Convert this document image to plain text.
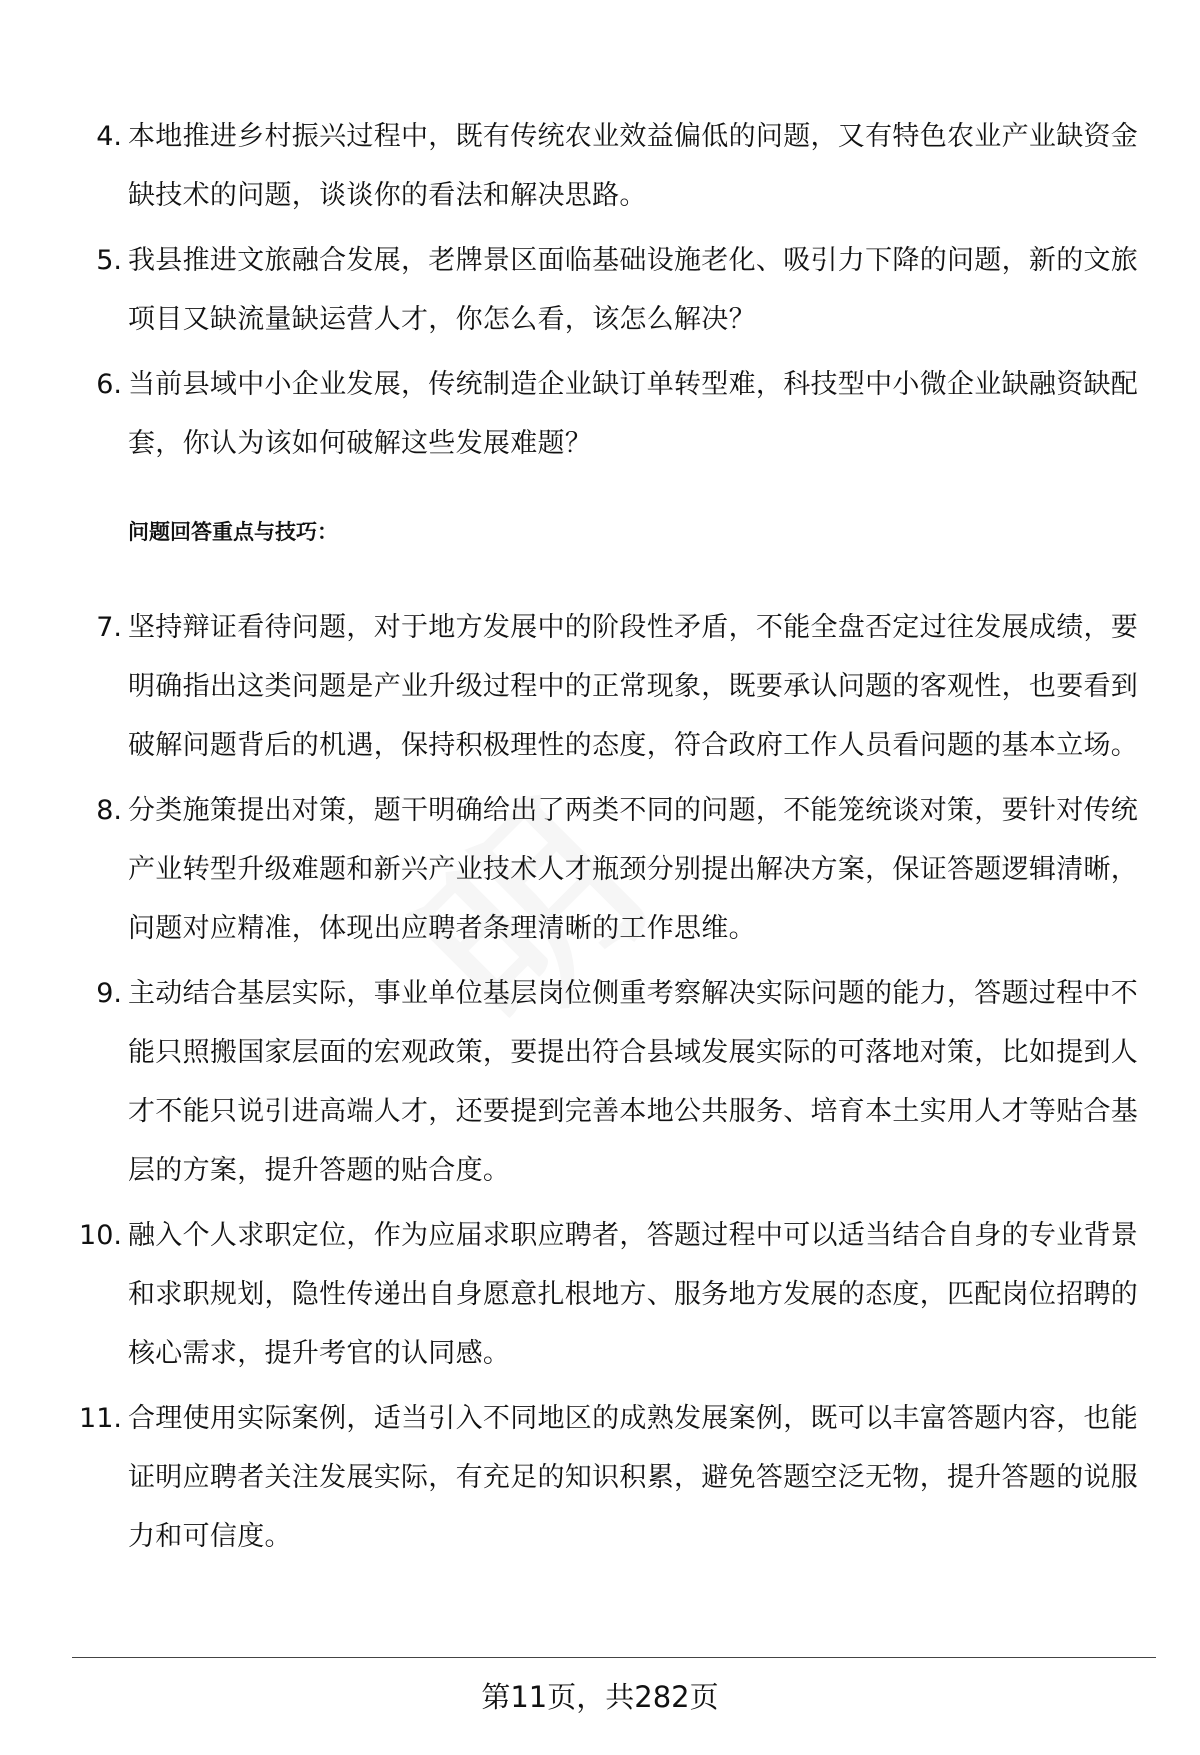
4. 本地推进乡村振兴过程中，既有传统农业效益偏低的问题，又有特色农业产业缺资金缺技术的问题，谈谈你的看法和解决思路。
5. 我县推进文旅融合发展，老牌景区面临基础设施老化、吸引力下降的问题，新的文旅项目又缺流量缺运营人才，你怎么看，该怎么解决？
6. 当前县域中小企业发展，传统制造企业缺订单转型难，科技型中小微企业缺融资缺配套，你认为该如何破解这些发展难题？
问题回答重点与技巧：
7. 坚持辩证看待问题，对于地方发展中的阶段性矛盾，不能全盘否定过往发展成绩，要明确指出这类问题是产业升级过程中的正常现象，既要承认问题的客观性，也要看到破解问题背后的机遇，保持积极理性的态度，符合政府工作人员看问题的基本立场。
8. 分类施策提出对策，题干明确给出了两类不同的问题，不能笼统谈对策，要针对传统产业转型升级难题和新兴产业技术人才瓶颈分别提出解决方案，保证答题逻辑清晰，问题对应精准，体现出应聘者条理清晰的工作思维。
9. 主动结合基层实际，事业单位基层岗位侧重考察解决实际问题的能力，答题过程中不能只照搬国家层面的宏观政策，要提出符合县域发展实际的可落地对策，比如提到人才不能只说引进高端人才，还要提到完善本地公共服务、培育本土实用人才等贴合基层的方案，提升答题的贴合度。
10. 融入个人求职定位，作为应届求职应聘者，答题过程中可以适当结合自身的专业背景和求职规划，隐性传递出自身愿意扎根地方、服务地方发展的态度，匹配岗位招聘的核心需求，提升考官的认同感。
11. 合理使用实际案例，适当引入不同地区的成熟发展案例，既可以丰富答题内容，也能证明应聘者关注发展实际，有充足的知识积累，避免答题空泛无物，提升答题的说服力和可信度。
第11页，共282页
